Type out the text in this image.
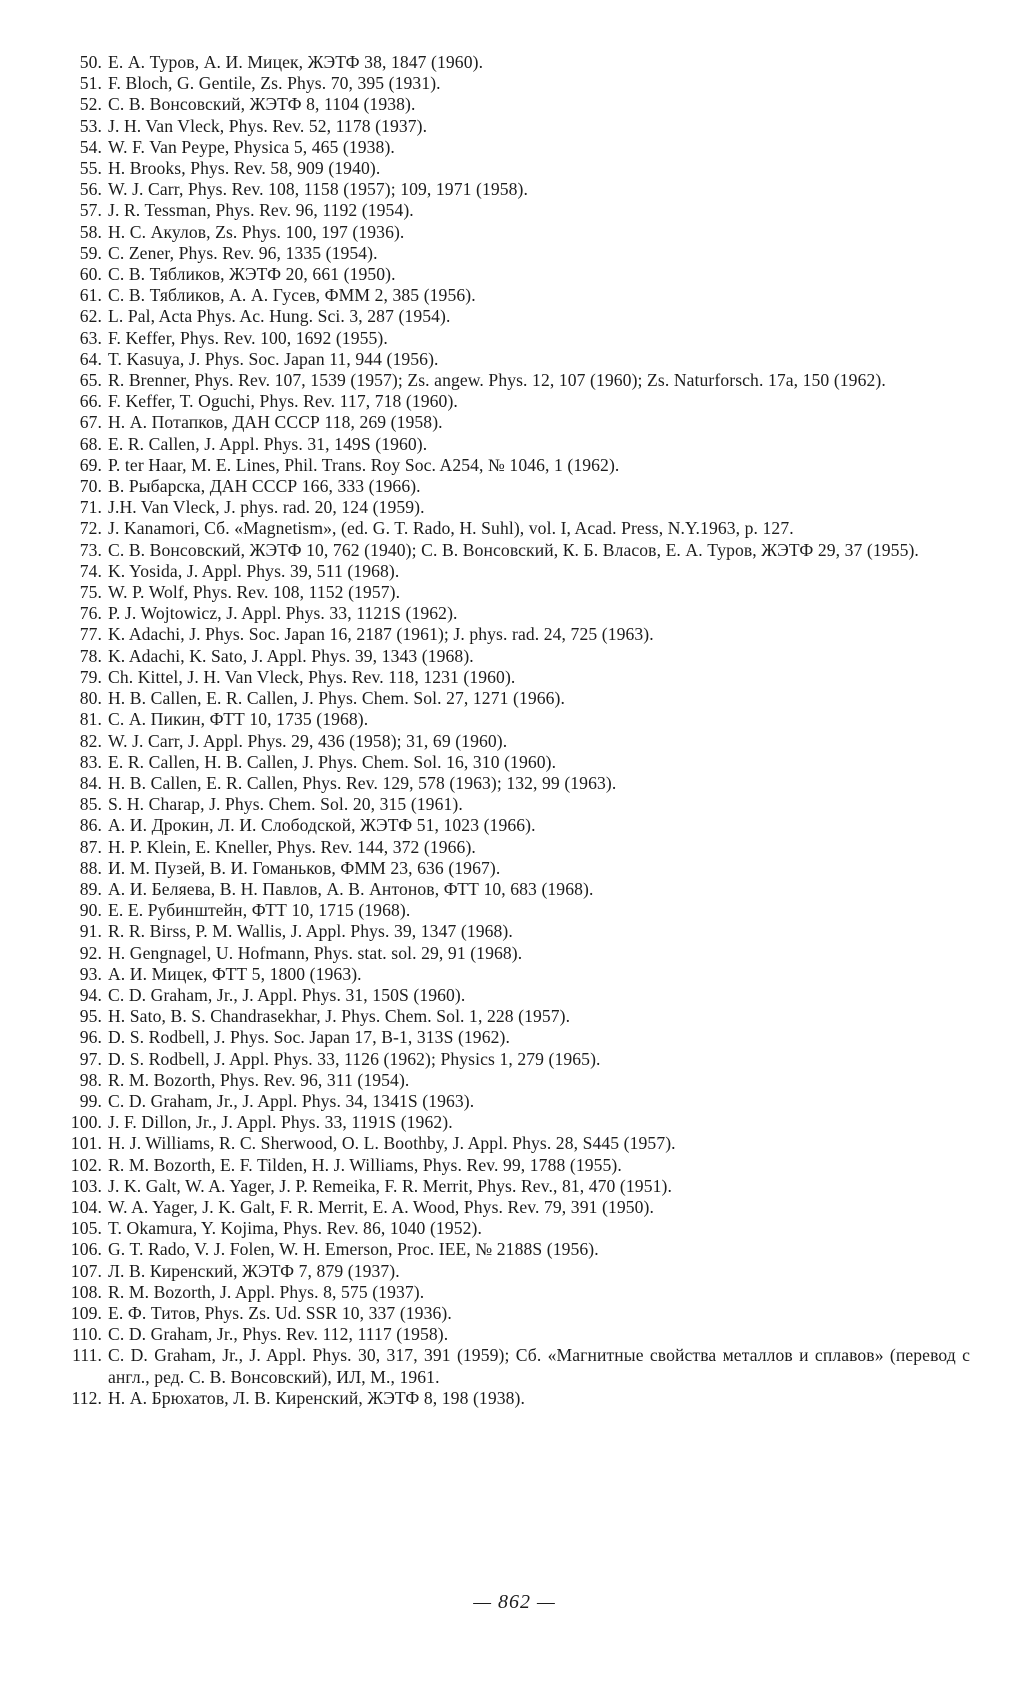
50. Е. А. Туров, А. И. Мицек, ЖЭТФ 38, 1847 (1960).
51. F. Bloch, G. Gentile, Zs. Phys. 70, 395 (1931).
52. С. В. Вонсовский, ЖЭТФ 8, 1104 (1938).
53. J. H. Van Vleck, Phys. Rev. 52, 1178 (1937).
54. W. F. Van Peype, Physica 5, 465 (1938).
55. H. Brooks, Phys. Rev. 58, 909 (1940).
56. W. J. Carr, Phys. Rev. 108, 1158 (1957); 109, 1971 (1958).
57. J. R. Tessman, Phys. Rev. 96, 1192 (1954).
58. Н. С. Акулов, Zs. Phys. 100, 197 (1936).
59. C. Zener, Phys. Rev. 96, 1335 (1954).
60. С. В. Тябликов, ЖЭТФ 20, 661 (1950).
61. С. В. Тябликов, А. А. Гусев, ФММ 2, 385 (1956).
62. L. Pal, Acta Phys. Ac. Hung. Sci. 3, 287 (1954).
63. F. Keffer, Phys. Rev. 100, 1692 (1955).
64. T. Kasuya, J. Phys. Soc. Japan 11, 944 (1956).
65. R. Brenner, Phys. Rev. 107, 1539 (1957); Zs. angew. Phys. 12, 107 (1960); Zs. Naturforsch. 17a, 150 (1962).
66. F. Keffer, T. Oguchi, Phys. Rev. 117, 718 (1960).
67. Н. А. Потапков, ДАН СССР 118, 269 (1958).
68. E. R. Callen, J. Appl. Phys. 31, 149S (1960).
69. P. ter Haar, M. E. Lines, Phil. Trans. Roy Soc. A254, № 1046, 1 (1962).
70. В. Рыбарска, ДАН СССР 166, 333 (1966).
71. J.H. Van Vleck, J. phys. rad. 20, 124 (1959).
72. J. Kanamori, Сб. «Magnetism», (ed. G. T. Rado, H. Suhl), vol. I, Acad. Press, N.Y.1963, p. 127.
73. С. В. Вонсовский, ЖЭТФ 10, 762 (1940); С. В. Вонсовский, К. Б. Власов, Е. А. Туров, ЖЭТФ 29, 37 (1955).
74. K. Yosida, J. Appl. Phys. 39, 511 (1968).
75. W. P. Wolf, Phys. Rev. 108, 1152 (1957).
76. P. J. Wojtowicz, J. Appl. Phys. 33, 1121S (1962).
77. K. Adachi, J. Phys. Soc. Japan 16, 2187 (1961); J. phys. rad. 24, 725 (1963).
78. K. Adachi, K. Sato, J. Appl. Phys. 39, 1343 (1968).
79. Ch. Kittel, J. H. Van Vleck, Phys. Rev. 118, 1231 (1960).
80. H. B. Callen, E. R. Callen, J. Phys. Chem. Sol. 27, 1271 (1966).
81. С. А. Пикин, ФТТ 10, 1735 (1968).
82. W. J. Carr, J. Appl. Phys. 29, 436 (1958); 31, 69 (1960).
83. E. R. Callen, H. B. Callen, J. Phys. Chem. Sol. 16, 310 (1960).
84. H. B. Callen, E. R. Callen, Phys. Rev. 129, 578 (1963); 132, 99 (1963).
85. S. H. Charap, J. Phys. Chem. Sol. 20, 315 (1961).
86. А. И. Дрокин, Л. И. Слободской, ЖЭТФ 51, 1023 (1966).
87. H. P. Klein, E. Kneller, Phys. Rev. 144, 372 (1966).
88. И. М. Пузей, В. И. Гоманьков, ФММ 23, 636 (1967).
89. А. И. Беляева, В. Н. Павлов, А. В. Антонов, ФТТ 10, 683 (1968).
90. Е. Е. Рубинштейн, ФТТ 10, 1715 (1968).
91. R. R. Birss, P. M. Wallis, J. Appl. Phys. 39, 1347 (1968).
92. H. Gengnagel, U. Hofmann, Phys. stat. sol. 29, 91 (1968).
93. А. И. Мицек, ФТТ 5, 1800 (1963).
94. C. D. Graham, Jr., J. Appl. Phys. 31, 150S (1960).
95. H. Sato, B. S. Chandrasekhar, J. Phys. Chem. Sol. 1, 228 (1957).
96. D. S. Rodbell, J. Phys. Soc. Japan 17, B-1, 313S (1962).
97. D. S. Rodbell, J. Appl. Phys. 33, 1126 (1962); Physics 1, 279 (1965).
98. R. M. Bozorth, Phys. Rev. 96, 311 (1954).
99. C. D. Graham, Jr., J. Appl. Phys. 34, 1341S (1963).
100. J. F. Dillon, Jr., J. Appl. Phys. 33, 1191S (1962).
101. H. J. Williams, R. C. Sherwood, O. L. Boothby, J. Appl. Phys. 28, S445 (1957).
102. R. M. Bozorth, E. F. Tilden, H. J. Williams, Phys. Rev. 99, 1788 (1955).
103. J. K. Galt, W. A. Yager, J. P. Remeika, F. R. Merrit, Phys. Rev., 81, 470 (1951).
104. W. A. Yager, J. K. Galt, F. R. Merrit, E. A. Wood, Phys. Rev. 79, 391 (1950).
105. T. Okamura, Y. Kojima, Phys. Rev. 86, 1040 (1952).
106. G. T. Rado, V. J. Folen, W. H. Emerson, Proc. IEE, № 2188S (1956).
107. Л. В. Киренский, ЖЭТФ 7, 879 (1937).
108. R. M. Bozorth, J. Appl. Phys. 8, 575 (1937).
109. Е. Ф. Титов, Phys. Zs. Ud. SSR 10, 337 (1936).
110. C. D. Graham, Jr., Phys. Rev. 112, 1117 (1958).
111. C. D. Graham, Jr., J. Appl. Phys. 30, 317, 391 (1959); Сб. «Магнитные свойства металлов и сплавов» (перевод с англ., ред. С. В. Вонсовский), ИЛ, М., 1961.
112. Н. А. Брюхатов, Л. В. Киренский, ЖЭТФ 8, 198 (1938).
— 862 —
